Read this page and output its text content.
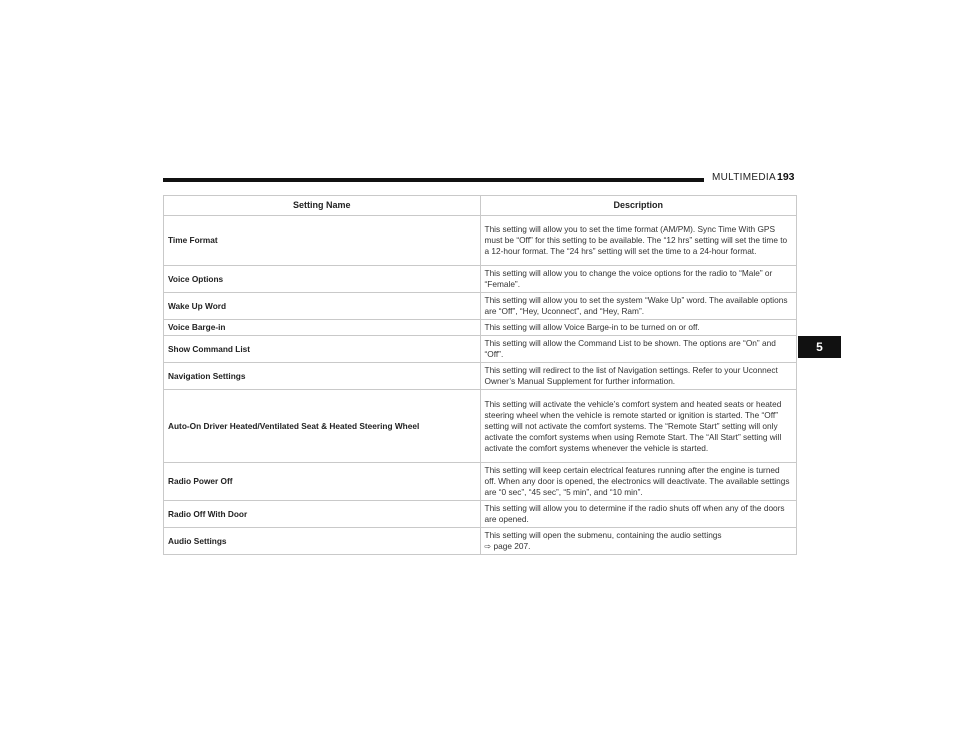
MULTIMEDIA 193
5
Setting Name	Description
Time Format	This setting will allow you to set the time format (AM/PM). Sync Time With GPS must be “Off” for this setting to be available. The “12 hrs” setting will set the time to a 12-hour format. The “24 hrs” setting will set the time to a 24-hour format.
Voice Options	This setting will allow you to change the voice options for the radio to “Male” or “Female”.
Wake Up Word	This setting will allow you to set the system “Wake Up” word. The available options are “Off”, “Hey, Uconnect”, and “Hey, Ram”.
Voice Barge-in	This setting will allow Voice Barge-in to be turned on or off.
Show Command List	This setting will allow the Command List to be shown. The options are “On” and “Off”.
Navigation Settings	This setting will redirect to the list of Navigation settings. Refer to your Uconnect Owner’s Manual Supplement for further information.
Auto-On Driver Heated/Ventilated Seat & Heated Steering Wheel	This setting will activate the vehicle’s comfort system and heated seats or heated steering wheel when the vehicle is remote started or ignition is started. The “Off” setting will not activate the comfort systems. The “Remote Start” setting will only activate the comfort systems when using Remote Start. The “All Start” setting will activate the comfort systems whenever the vehicle is started.
Radio Power Off	This setting will keep certain electrical features running after the engine is turned off. When any door is opened, the electronics will deactivate. The available settings are “0 sec”, “45 sec”, “5 min”, and “10 min”.
Radio Off With Door	This setting will allow you to determine if the radio shuts off when any of the doors are opened.
Audio Settings	This setting will open the submenu, containing the audio settings
⇨ page 207.
